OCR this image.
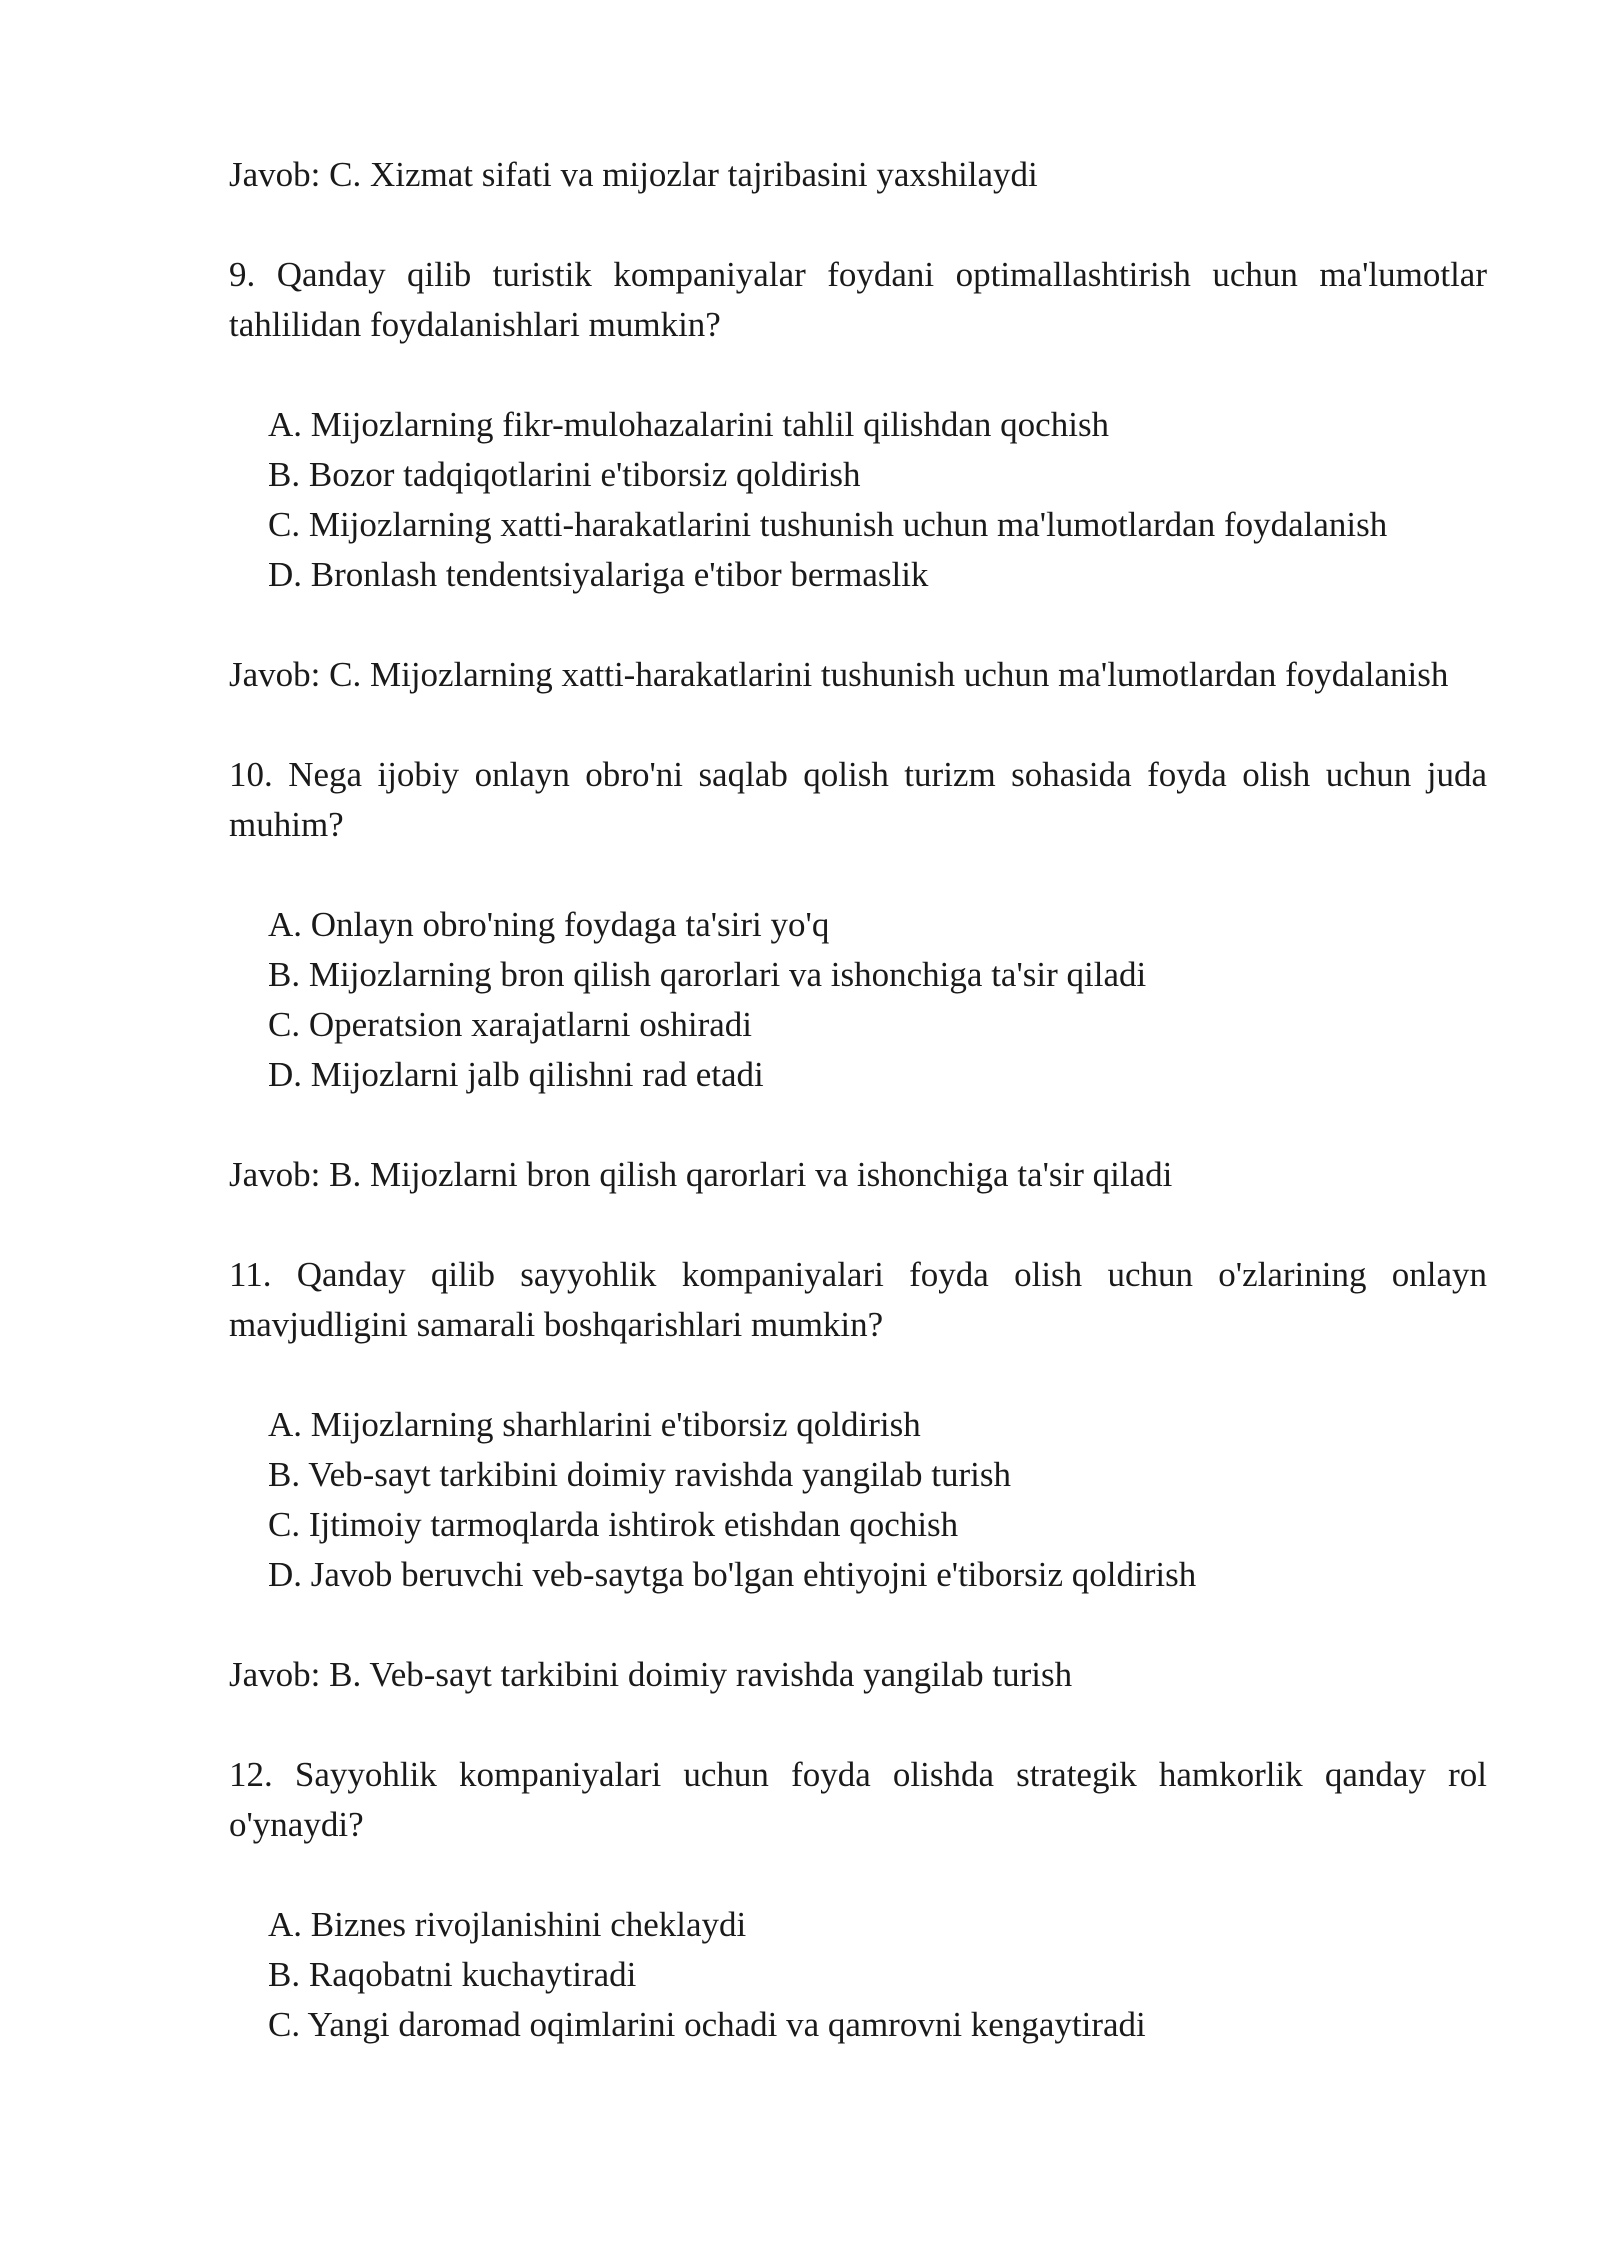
Javob: C. Xizmat sifati va mijozlar tajribasini yaxshilaydi

9. Qanday qilib turistik kompaniyalar foydani optimallashtirish uchun ma'lumotlar tahlilidan foydalanishlari mumkin?

A. Mijozlarning fikr-mulohazalarini tahlil qilishdan qochish

B. Bozor tadqiqotlarini e'tiborsiz qoldirish

C. Mijozlarning xatti-harakatlarini tushunish uchun ma'lumotlardan foydalanish

D. Bronlash tendentsiyalariga e'tibor bermaslik

Javob: C. Mijozlarning xatti-harakatlarini tushunish uchun ma'lumotlardan foydalanish

10. Nega ijobiy onlayn obro'ni saqlab qolish turizm sohasida foyda olish uchun juda muhim?

A. Onlayn obro'ning foydaga ta'siri yo'q

B. Mijozlarning bron qilish qarorlari va ishonchiga ta'sir qiladi

C. Operatsion xarajatlarni oshiradi

D. Mijozlarni jalb qilishni rad etadi

Javob: B. Mijozlarni bron qilish qarorlari va ishonchiga ta'sir qiladi

11. Qanday qilib sayyohlik kompaniyalari foyda olish uchun o'zlarining onlayn mavjudligini samarali boshqarishlari mumkin?

A. Mijozlarning sharhlarini e'tiborsiz qoldirish

B. Veb-sayt tarkibini doimiy ravishda yangilab turish

C. Ijtimoiy tarmoqlarda ishtirok etishdan qochish

D. Javob beruvchi veb-saytga bo'lgan ehtiyojni e'tiborsiz qoldirish

Javob: B. Veb-sayt tarkibini doimiy ravishda yangilab turish

12. Sayyohlik kompaniyalari uchun foyda olishda strategik hamkorlik qanday rol o'ynaydi?

A. Biznes rivojlanishini cheklaydi

B. Raqobatni kuchaytiradi

C. Yangi daromad oqimlarini ochadi va qamrovni kengaytiradi
